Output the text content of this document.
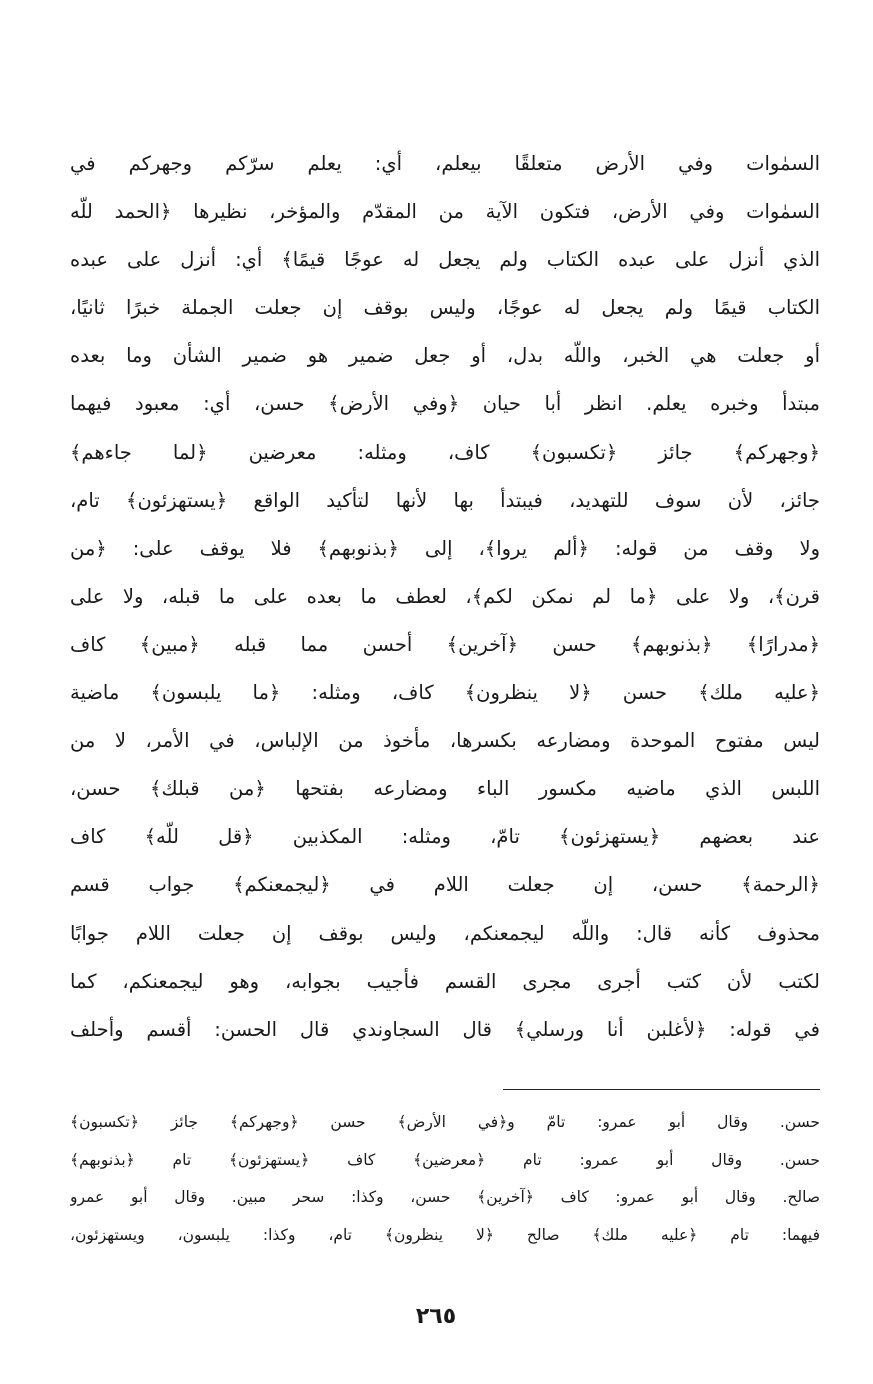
السمٰوات وفي الأرض متعلقًا بيعلم، أي: يعلم سرّكم وجهركم في
السمٰوات وفي الأرض، فتكون الآية من المقدّم والمؤخر، نظيرها ﴿الحمد للّه
الذي أنزل على عبده الكتاب ولم يجعل له عوجًا قيمًا﴾ أي: أنزل على عبده
الكتاب قيمًا ولم يجعل له عوجًا، وليس بوقف إن جعلت الجملة خبرًا ثانيًا،
أو جعلت هي الخبر، واللّه بدل، أو جعل ضمير هو ضمير الشأن وما بعده
مبتدأ وخبره يعلم. انظر أبا حيان ﴿وفي الأرض﴾ حسن، أي: معبود فيهما
﴿وجهركم﴾ جائز ﴿تكسبون﴾ كاف، ومثله: معرضين ﴿لما جاءهم﴾
جائز، لأن سوف للتهديد، فيبتدأ بها لأنها لتأكيد الواقع ﴿يستهزئون﴾ تام،
ولا وقف من قوله: ﴿ألم يروا﴾، إلى ﴿بذنوبهم﴾ فلا يوقف على: ﴿من
قرن﴾، ولا على ﴿ما لم نمكن لكم﴾، لعطف ما بعده على ما قبله، ولا على
﴿مدرارًا﴾ ﴿بذنوبهم﴾ حسن ﴿آخرين﴾ أحسن مما قبله ﴿مبين﴾ كاف
﴿عليه ملك﴾ حسن ﴿لا ينظرون﴾ كاف، ومثله: ﴿ما يلبسون﴾ ماضية
ليس مفتوح الموحدة ومضارعه بكسرها، مأخوذ من الإلباس، في الأمر، لا من
اللبس الذي ماضيه مكسور الباء ومضارعه بفتحها ﴿من قبلك﴾ حسن،
عند بعضهم ﴿يستهزئون﴾ تامّ، ومثله: المكذبين ﴿قل للّه﴾ كاف
﴿الرحمة﴾ حسن، إن جعلت اللام في ﴿ليجمعنكم﴾ جواب قسم
محذوف كأنه قال: واللّه ليجمعنكم، وليس بوقف إن جعلت اللام جوابًا
لكتب لأن كتب أجرى مجرى القسم فأجيب بجوابه، وهو ليجمعنكم، كما
في قوله: ﴿لأغلبن أنا ورسلي﴾ قال السجاوندي قال الحسن: أقسم وأحلف
حسن. وقال أبو عمرو: تامّ و﴿في الأرض﴾ حسن ﴿وجهركم﴾ جائز ﴿تكسبون﴾
حسن. وقال أبو عمرو: تام ﴿معرضين﴾ كاف ﴿يستهزئون﴾ تام ﴿بذنوبهم﴾
صالح. وقال أبو عمرو: كاف ﴿آخرين﴾ حسن، وكذا: سحر مبين. وقال أبو عمرو
فيهما: تام ﴿عليه ملك﴾ صالح ﴿لا ينظرون﴾ تام، وكذا: يلبسون، ويستهزئون،
٢٦٥
